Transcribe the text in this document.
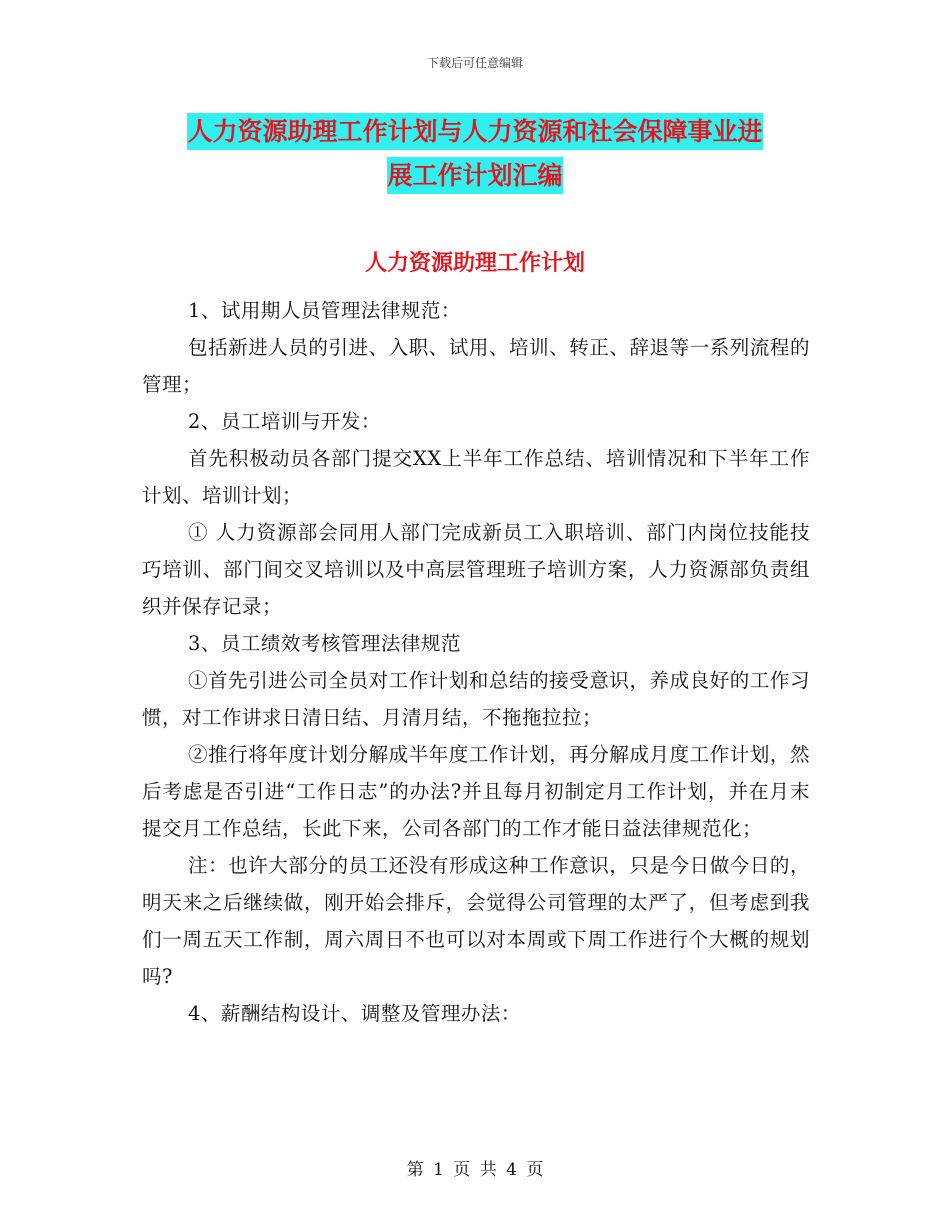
下载后可任意编辑
人力资源助理工作计划与人力资源和社会保障事业进
展工作计划汇编
人力资源助理工作计划

1、试用期人员管理法律规范：

包括新进人员的引进、入职、试用、培训、转正、辞退等一系列流程的管理；

2、员工培训与开发：

首先积极动员各部门提交XX上半年工作总结、培训情况和下半年工作计划、培训计划；

① 人力资源部会同用人部门完成新员工入职培训、部门内岗位技能技巧培训、部门间交叉培训以及中高层管理班子培训方案，人力资源部负责组织并保存记录；

3、员工绩效考核管理法律规范

①首先引进公司全员对工作计划和总结的接受意识，养成良好的工作习惯，对工作讲求日清日结、月清月结，不拖拖拉拉；

②推行将年度计划分解成半年度工作计划，再分解成月度工作计划，然后考虑是否引进“工作日志”的办法?并且每月初制定月工作计划，并在月末提交月工作总结，长此下来，公司各部门的工作才能日益法律规范化；

注：也许大部分的员工还没有形成这种工作意识，只是今日做今日的，明天来之后继续做，刚开始会排斥，会觉得公司管理的太严了，但考虑到我们一周五天工作制，周六周日不也可以对本周或下周工作进行个大概的规划吗?

4、薪酬结构设计、调整及管理办法：

第 1 页 共 4 页
